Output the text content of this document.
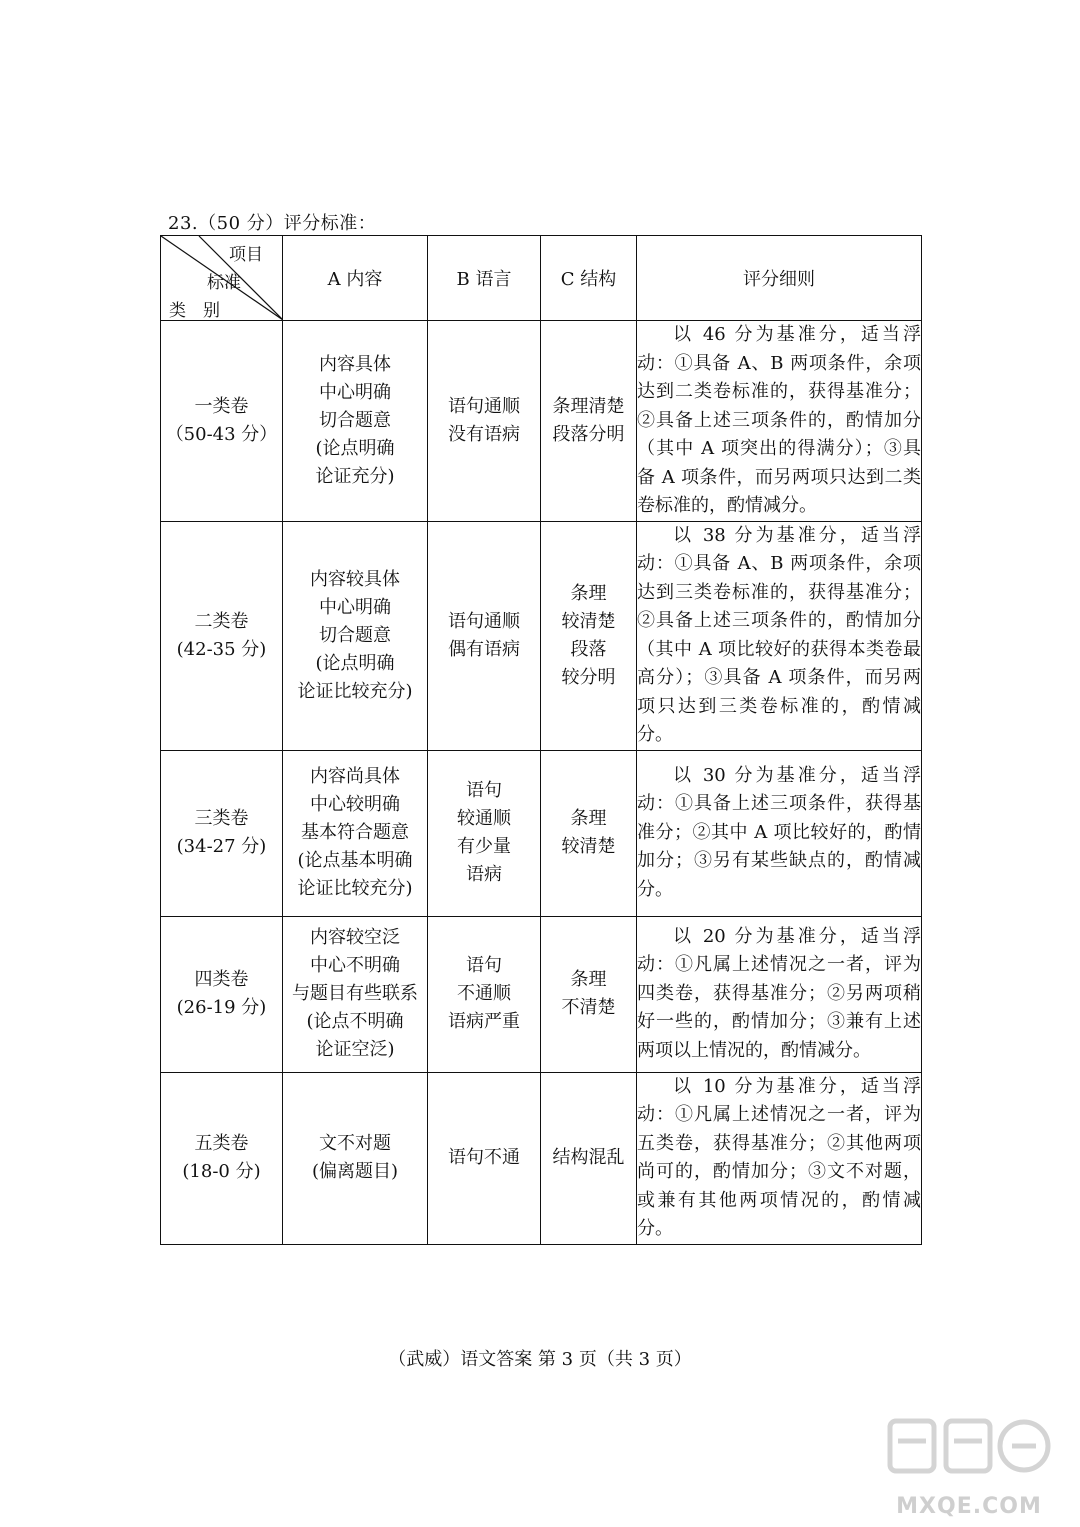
23.（50 分）评分标准：
项目
标准
类　别	A 内容	B 语言	C 结构	评分细则

一类卷
（50-43 分）	内容具体
中心明确
切合题意
(论点明确
论证充分)	语句通顺
没有语病	条理清楚
段落分明	以 46 分为基准分，适当浮动：①具备 A、B 两项条件，余项达到二类卷标准的，获得基准分；②具备上述三项条件的，酌情加分（其中 A 项突出的得满分）；③具备 A 项条件，而另两项只达到二类卷标准的，酌情减分。

二类卷
(42-35 分)	内容较具体
中心明确
切合题意
(论点明确
论证比较充分)	语句通顺
偶有语病	条理
较清楚
段落
较分明	以 38 分为基准分，适当浮动：①具备 A、B 两项条件，余项达到三类卷标准的，获得基准分；②具备上述三项条件的，酌情加分（其中 A 项比较好的获得本类卷最高分）；③具备 A 项条件，而另两项只达到三类卷标准的，酌情减分。

三类卷
(34-27 分)	内容尚具体
中心较明确
基本符合题意
(论点基本明确
论证比较充分)	语句
较通顺
有少量
语病	条理
较清楚	以 30 分为基准分，适当浮动：①具备上述三项条件，获得基准分；②其中 A 项比较好的，酌情加分；③另有某些缺点的，酌情减分。

四类卷
(26-19 分)	内容较空泛
中心不明确
与题目有些联系
(论点不明确
论证空泛)	语句
不通顺
语病严重	条理
不清楚	以 20 分为基准分，适当浮动：①凡属上述情况之一者，评为四类卷，获得基准分；②另两项稍好一些的，酌情加分；③兼有上述两项以上情况的，酌情减分。

五类卷
(18-0 分)	文不对题
(偏离题目)	语句不通	结构混乱	以 10 分为基准分，适当浮动：①凡属上述情况之一者，评为五类卷，获得基准分；②其他两项尚可的，酌情加分；③文不对题，或兼有其他两项情况的，酌情减分。
（武威）语文答案 第 3 页（共 3 页）
MXQE.COM
